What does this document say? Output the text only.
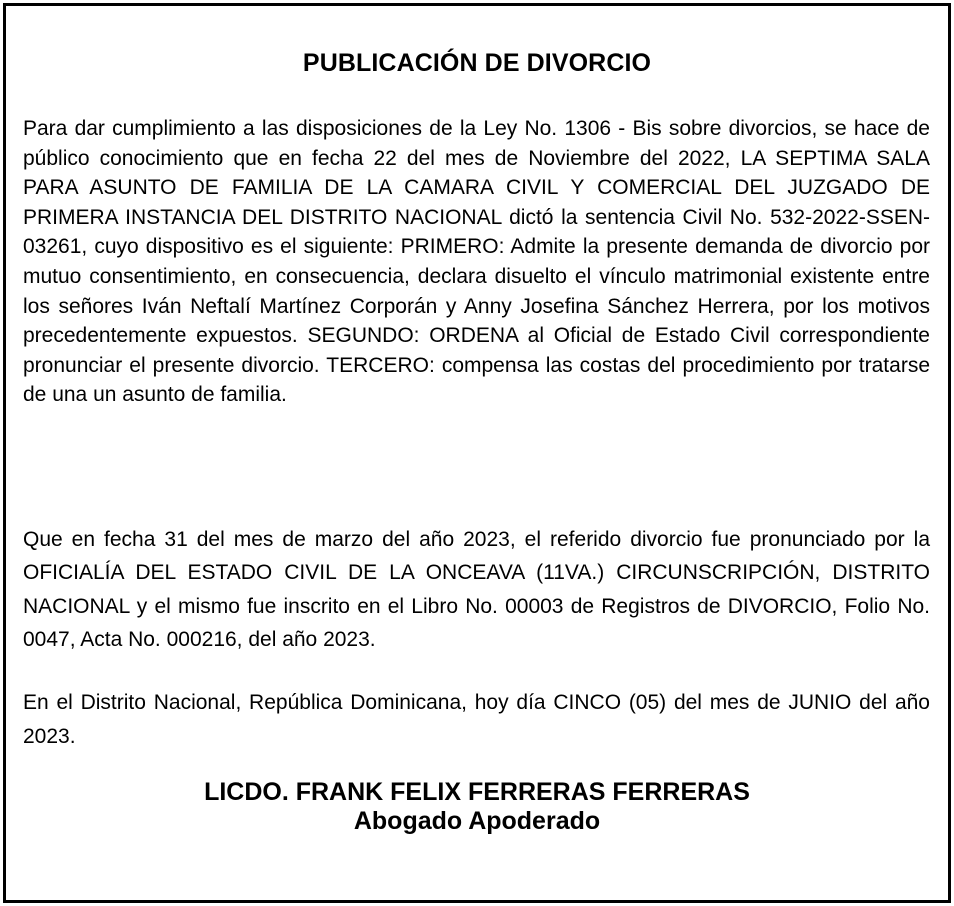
PUBLICACIÓN DE DIVORCIO

Para dar cumplimiento a las disposiciones de la Ley No. 1306 - Bis sobre divorcios, se hace de público conocimiento que en fecha 22 del mes de Noviembre del 2022, LA SEPTIMA SALA PARA ASUNTO DE FAMILIA DE LA CAMARA CIVIL Y COMERCIAL DEL JUZGADO DE PRIMERA INSTANCIA DEL DISTRITO NACIONAL dictó la sentencia Civil No. 532-2022-SSEN-03261, cuyo dispositivo es el siguiente: PRIMERO: Admite la presente demanda de divorcio por mutuo consentimiento, en consecuencia, declara disuelto el vínculo matrimonial existente entre los señores Iván Neftalí Martínez Corporán y Anny Josefina Sánchez Herrera, por los motivos precedentemente expuestos. SEGUNDO: ORDENA al Oficial de Estado Civil correspondiente pronunciar el presente divorcio. TERCERO: compensa las costas del procedimiento por tratarse de una un asunto de familia.

Que en fecha 31 del mes de marzo del año 2023, el referido divorcio fue pronunciado por la OFICIALÍA DEL ESTADO CIVIL DE LA ONCEAVA (11VA.) CIRCUNSCRIPCIÓN, DISTRITO NACIONAL y el mismo fue inscrito en el Libro No. 00003 de Registros de DIVORCIO, Folio No. 0047, Acta No. 000216, del año 2023.

En el Distrito Nacional, República Dominicana, hoy día CINCO (05) del mes de JUNIO del año 2023.

LICDO. FRANK FELIX FERRERAS FERRERAS
Abogado Apoderado
